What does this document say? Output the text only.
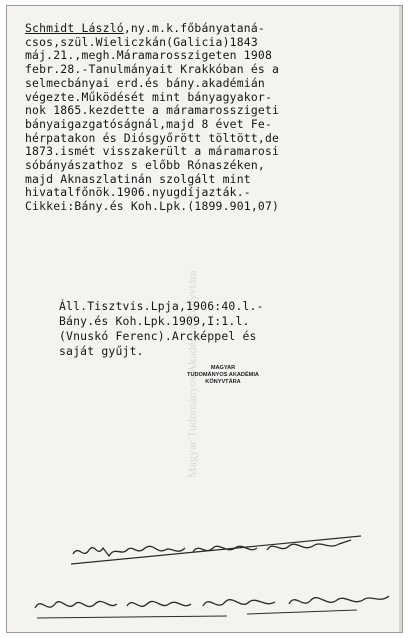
Magyar Tudományos Akadémia Könyvtára
Schmidt László,ny.m.k.főbányataná-
csos,szül.Wieliczkán(Galicia)1843
máj.21.,megh.Máramarosszigeten 1908
febr.28.-Tanulmányait Krakkóban és a
selmecbányai erd.és bány.akadémián
végezte.Működését mint bányagyakor-
nok 1865.kezdette a máramarosszigeti
bányaigazgatóságnál,majd 8 évet Fe-
hérpatakon és Diósgyőrött töltött,de
1873.ismét visszakerült a máramarosi
sóbányászathoz s előbb Rónaszéken,
majd Aknaszlatinán szolgált mint
hivatalfőnök.1906.nyugdíjazták.-
Cikkei:Bány.és Koh.Lpk.(1899.901,07)
Áll.Tisztvis.Lpja,1906:40.l.-
Bány.és Koh.Lpk.1909,I:1.l.
(Vnuskó Ferenc).Arcképpel és
saját gyűjt.
MAGYAR
TUDOMÁNYOS AKADÉMIA
KÖNYVTÁRA
